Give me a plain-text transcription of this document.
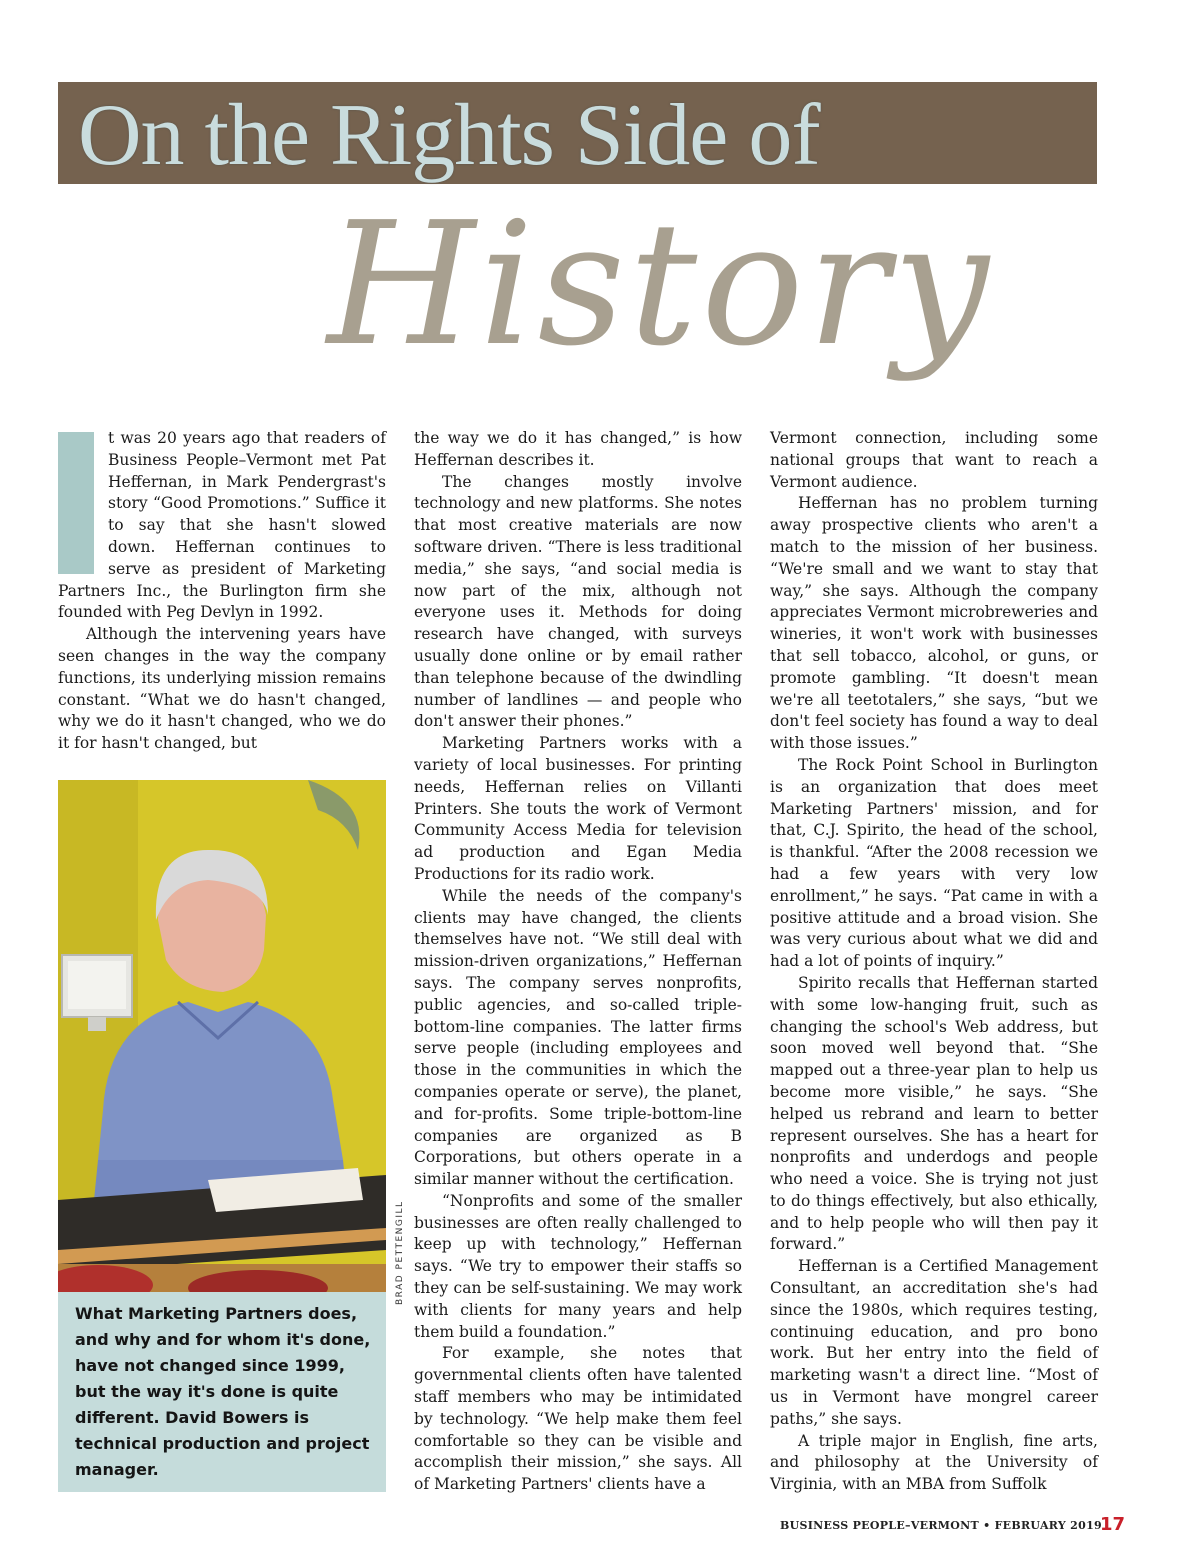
On the Rights Side of
History

t was 20 years ago that readers of Business People–Vermont met Pat Heffernan, in Mark Pendergrast's story “Good Promotions.” Suffice it to say that she hasn't slowed down. Heffernan continues to serve as president of Marketing Partners Inc., the Burlington firm she founded with Peg Devlyn in 1992.

Although the intervening years have seen changes in the way the company functions, its underlying mission remains constant. “What we do hasn't changed, why we do it hasn't changed, who we do it for hasn't changed, but

the way we do it has changed,” is how Heffernan describes it.

The changes mostly involve technology and new platforms. She notes that most creative materials are now software driven. “There is less traditional media,” she says, “and social media is now part of the mix, although not everyone uses it. Methods for doing research have changed, with surveys usually done online or by email rather than telephone because of the dwindling number of landlines — and people who don't answer their phones.”

Marketing Partners works with a variety of local businesses. For printing needs, Heffernan relies on Villanti Printers. She touts the work of Vermont Community Access Media for television ad production and Egan Media Productions for its radio work.

While the needs of the company's clients may have changed, the clients themselves have not. “We still deal with mission-driven organizations,” Heffernan says. The company serves nonprofits, public agencies, and so-called triple-bottom-line companies. The latter firms serve people (including employees and those in the communities in which the companies operate or serve), the planet, and for-profits. Some triple-bottom-line companies are organized as B Corporations, but others operate in a similar manner without the certification.

“Nonprofits and some of the smaller businesses are often really challenged to keep up with technology,” Heffernan says. “We try to empower their staffs so they can be self-sustaining. We may work with clients for many years and help them build a foundation.”

For example, she notes that governmental clients often have talented staff members who may be intimidated by technology. “We help make them feel comfortable so they can be visible and accomplish their mission,” she says. All of Marketing Partners' clients have a

Vermont connection, including some national groups that want to reach a Vermont audience.

Heffernan has no problem turning away prospective clients who aren't a match to the mission of her business. “We're small and we want to stay that way,” she says. Although the company appreciates Vermont microbreweries and wineries, it won't work with businesses that sell tobacco, alcohol, or guns, or promote gambling. “It doesn't mean we're all teetotalers,” she says, “but we don't feel society has found a way to deal with those issues.”

The Rock Point School in Burlington is an organization that does meet Marketing Partners' mission, and for that, C.J. Spirito, the head of the school, is thankful. “After the 2008 recession we had a few years with very low enrollment,” he says. “Pat came in with a positive attitude and a broad vision. She was very curious about what we did and had a lot of points of inquiry.”

Spirito recalls that Heffernan started with some low-hanging fruit, such as changing the school's Web address, but soon moved well beyond that. “She mapped out a three-year plan to help us become more visible,” he says. “She helped us rebrand and learn to better represent ourselves. She has a heart for nonprofits and underdogs and people who need a voice. She is trying not just to do things effectively, but also ethically, and to help people who will then pay it forward.”

Heffernan is a Certified Management Consultant, an accreditation she's had since the 1980s, which requires testing, continuing education, and pro bono work. But her entry into the field of marketing wasn't a direct line. “Most of us in Vermont have mongrel career paths,” she says.

A triple major in English, fine arts, and philosophy at the University of Virginia, with an MBA from Suffolk

BRAD PETTENGILL

What Marketing Partners does, and why and for whom it's done, have not changed since 1999, but the way it's done is quite different. David Bowers is technical production and project manager.

BUSINESS PEOPLE–VERMONT • FEBRUARY 2019
17
